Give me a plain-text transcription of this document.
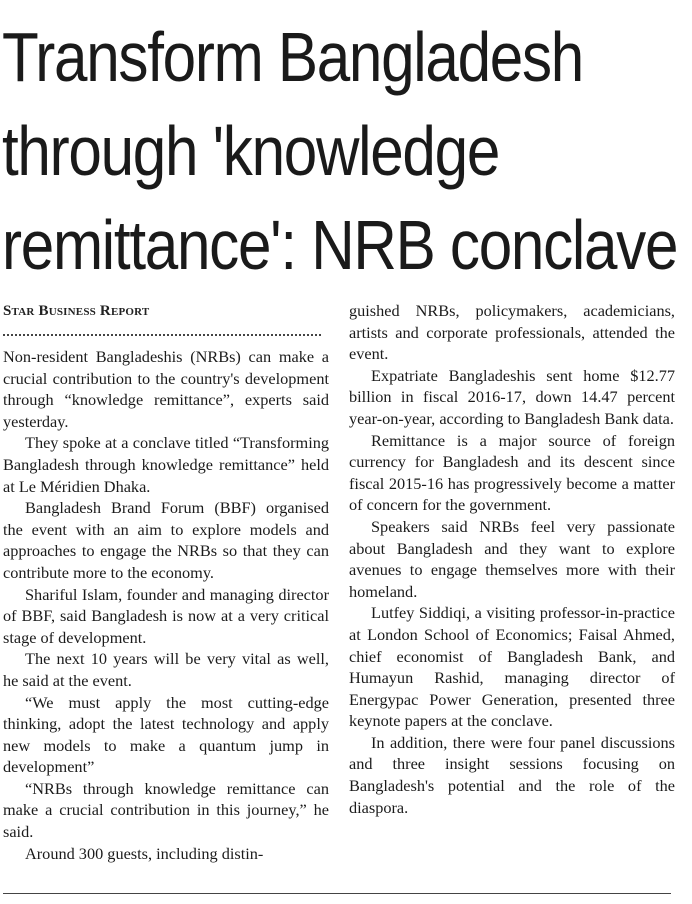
Transform Bangladesh
through 'knowledge
remittance': NRB conclave
Star Business Report

Non-resident Bangladeshis (NRBs) can make a crucial contribution to the country's development through “knowledge remittance”, experts said yesterday.

They spoke at a conclave titled “Transforming Bangladesh through knowledge remittance” held at Le Méridien Dhaka.

Bangladesh Brand Forum (BBF) organised the event with an aim to explore models and approaches to engage the NRBs so that they can contribute more to the economy.

Shariful Islam, founder and managing director of BBF, said Bangladesh is now at a very critical stage of development.

The next 10 years will be very vital as well, he said at the event.

“We must apply the most cutting-edge thinking, adopt the latest technology and apply new models to make a quantum jump in development”

“NRBs through knowledge remittance can make a crucial contribution in this journey,” he said.

Around 300 guests, including distin-

guished NRBs, policymakers, academicians, artists and corporate professionals, attended the event.

Expatriate Bangladeshis sent home $12.77 billion in fiscal 2016-17, down 14.47 percent year-on-year, according to Bangladesh Bank data.

Remittance is a major source of foreign currency for Bangladesh and its descent since fiscal 2015-16 has progressively become a matter of concern for the government.

Speakers said NRBs feel very passionate about Bangladesh and they want to explore avenues to engage themselves more with their homeland.

Lutfey Siddiqi, a visiting professor-in-practice at London School of Economics; Faisal Ahmed, chief economist of Bangladesh Bank, and Humayun Rashid, managing director of Energypac Power Generation, presented three keynote papers at the conclave.

In addition, there were four panel discussions and three insight sessions focusing on Bangladesh's potential and the role of the diaspora.
